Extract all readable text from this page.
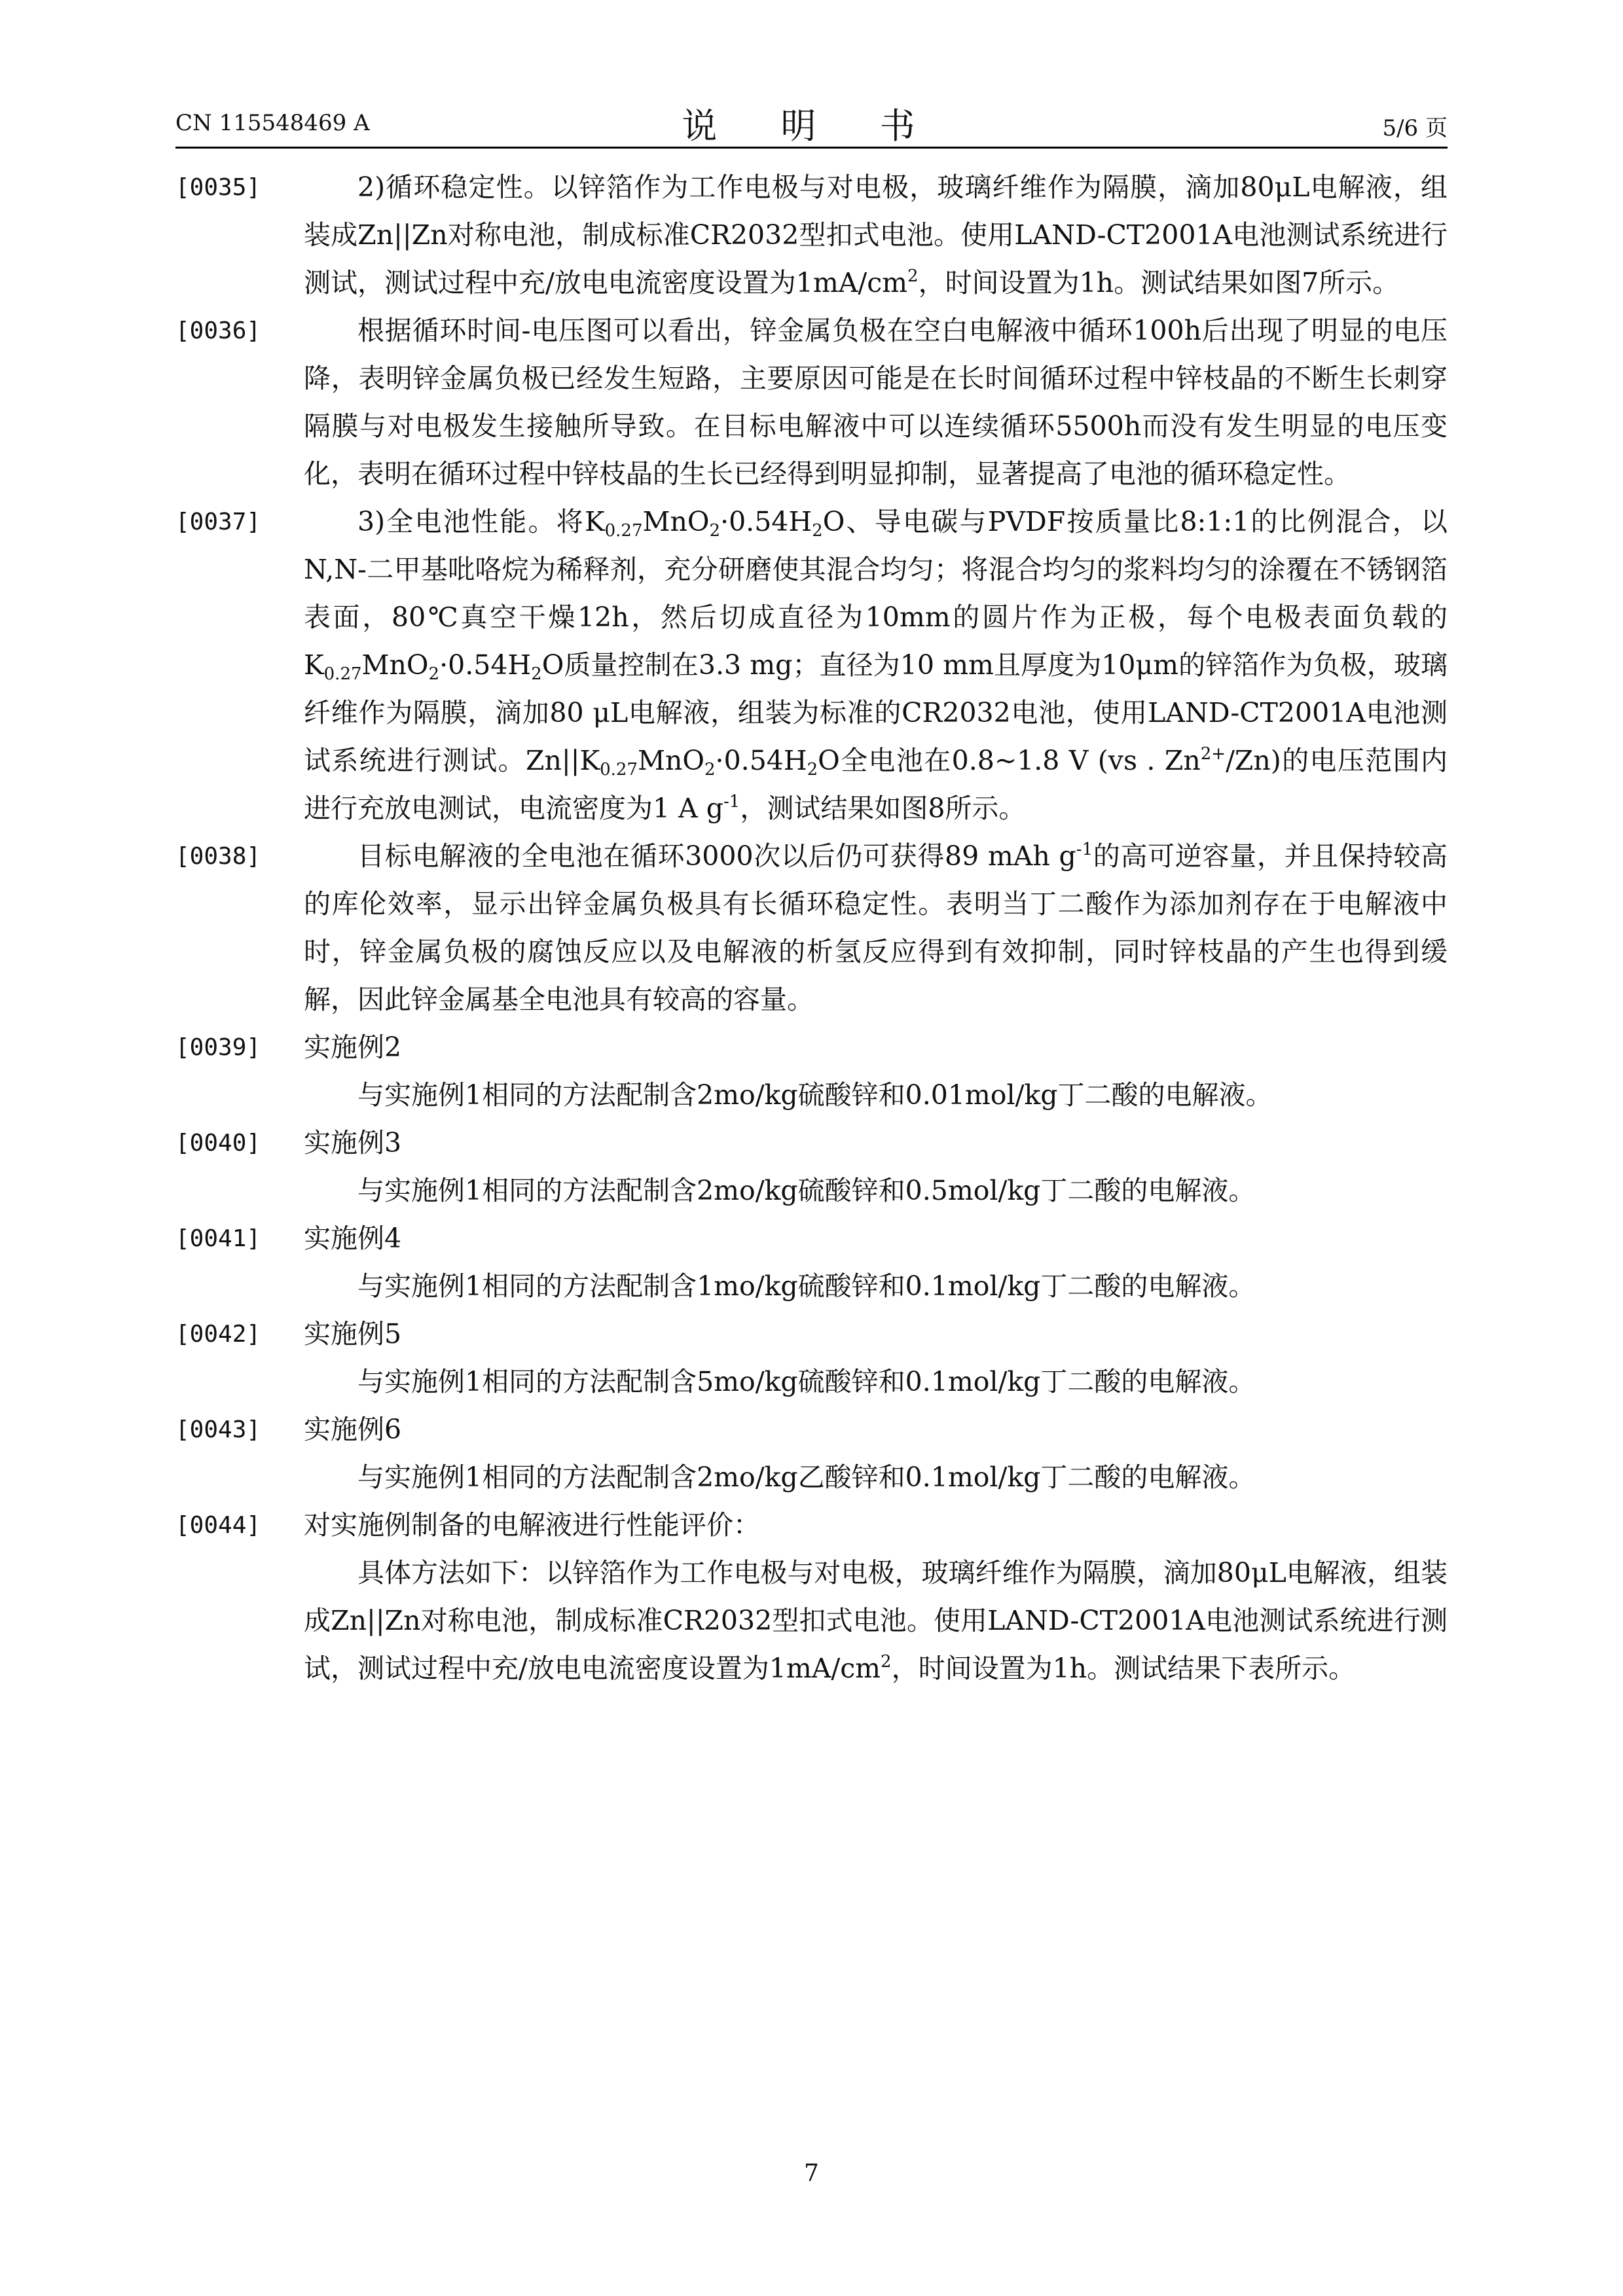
CN 115548469 A	说 明 书	5/6 页
[0035]	2)循环稳定性。以锌箔作为工作电极与对电极，玻璃纤维作为隔膜，滴加80μL电解液，组装成Zn||Zn对称电池，制成标准CR2032型扣式电池。使用LAND-CT2001A电池测试系统进行测试，测试过程中充/放电电流密度设置为$1mA/cm^2$，时间设置为1h。测试结果如图7所示。
[0036]	根据循环时间-电压图可以看出，锌金属负极在空白电解液中循环100h后出现了明显的电压降，表明锌金属负极已经发生短路，主要原因可能是在长时间循环过程中锌枝晶的不断生长刺穿隔膜与对电极发生接触所导致。在目标电解液中可以连续循环5500h而没有发生明显的电压变化，表明在循环过程中锌枝晶的生长已经得到明显抑制，显著提高了电池的循环稳定性。
[0037]	3)全电池性能。将$K_{0.27}MnO_2\cdot 0.54H_2O$、导电碳与PVDF按质量比8:1:1的比例混合，以N,N-二甲基吡咯烷为稀释剂，充分研磨使其混合均匀；将混合均匀的浆料均匀的涂覆在不锈钢箔表面，80℃真空干燥12h，然后切成直径为10mm的圆片作为正极，每个电极表面负载的$K_{0.27}MnO_2\cdot 0.54H_2O$质量控制在3.3 mg；直径为10 mm且厚度为10μm的锌箔作为负极，玻璃纤维作为隔膜，滴加80 μL电解液，组装为标准的CR2032电池，使用LAND-CT2001A电池测试系统进行测试。$Zn||K_{0.27}MnO_2\cdot 0.54H_2O$全电池在0.8~1.8 V (vs . $Zn^{2+}/Zn$)的电压范围内进行充放电测试，电流密度为1 A $g^{-1}$，测试结果如图8所示。
[0038]	目标电解液的全电池在循环3000次以后仍可获得89 mAh $g^{-1}$的高可逆容量，并且保持较高的库伦效率，显示出锌金属负极具有长循环稳定性。表明当丁二酸作为添加剂存在于电解液中时，锌金属负极的腐蚀反应以及电解液的析氢反应得到有效抑制，同时锌枝晶的产生也得到缓解，因此锌金属基全电池具有较高的容量。
[0039] 实施例2
与实施例1相同的方法配制含2mo/kg硫酸锌和0.01mol/kg丁二酸的电解液。
[0040] 实施例3
与实施例1相同的方法配制含2mo/kg硫酸锌和0.5mol/kg丁二酸的电解液。
[0041] 实施例4
与实施例1相同的方法配制含1mo/kg硫酸锌和0.1mol/kg丁二酸的电解液。
[0042] 实施例5
与实施例1相同的方法配制含5mo/kg硫酸锌和0.1mol/kg丁二酸的电解液。
[0043] 实施例6
与实施例1相同的方法配制含2mo/kg乙酸锌和0.1mol/kg丁二酸的电解液。
[0044] 对实施例制备的电解液进行性能评价：
具体方法如下：以锌箔作为工作电极与对电极，玻璃纤维作为隔膜，滴加80μL电解液，组装成Zn||Zn对称电池，制成标准CR2032型扣式电池。使用LAND-CT2001A电池测试系统进行测试，测试过程中充/放电电流密度设置为$1mA/cm^2$，时间设置为1h。测试结果下表所示。
7
